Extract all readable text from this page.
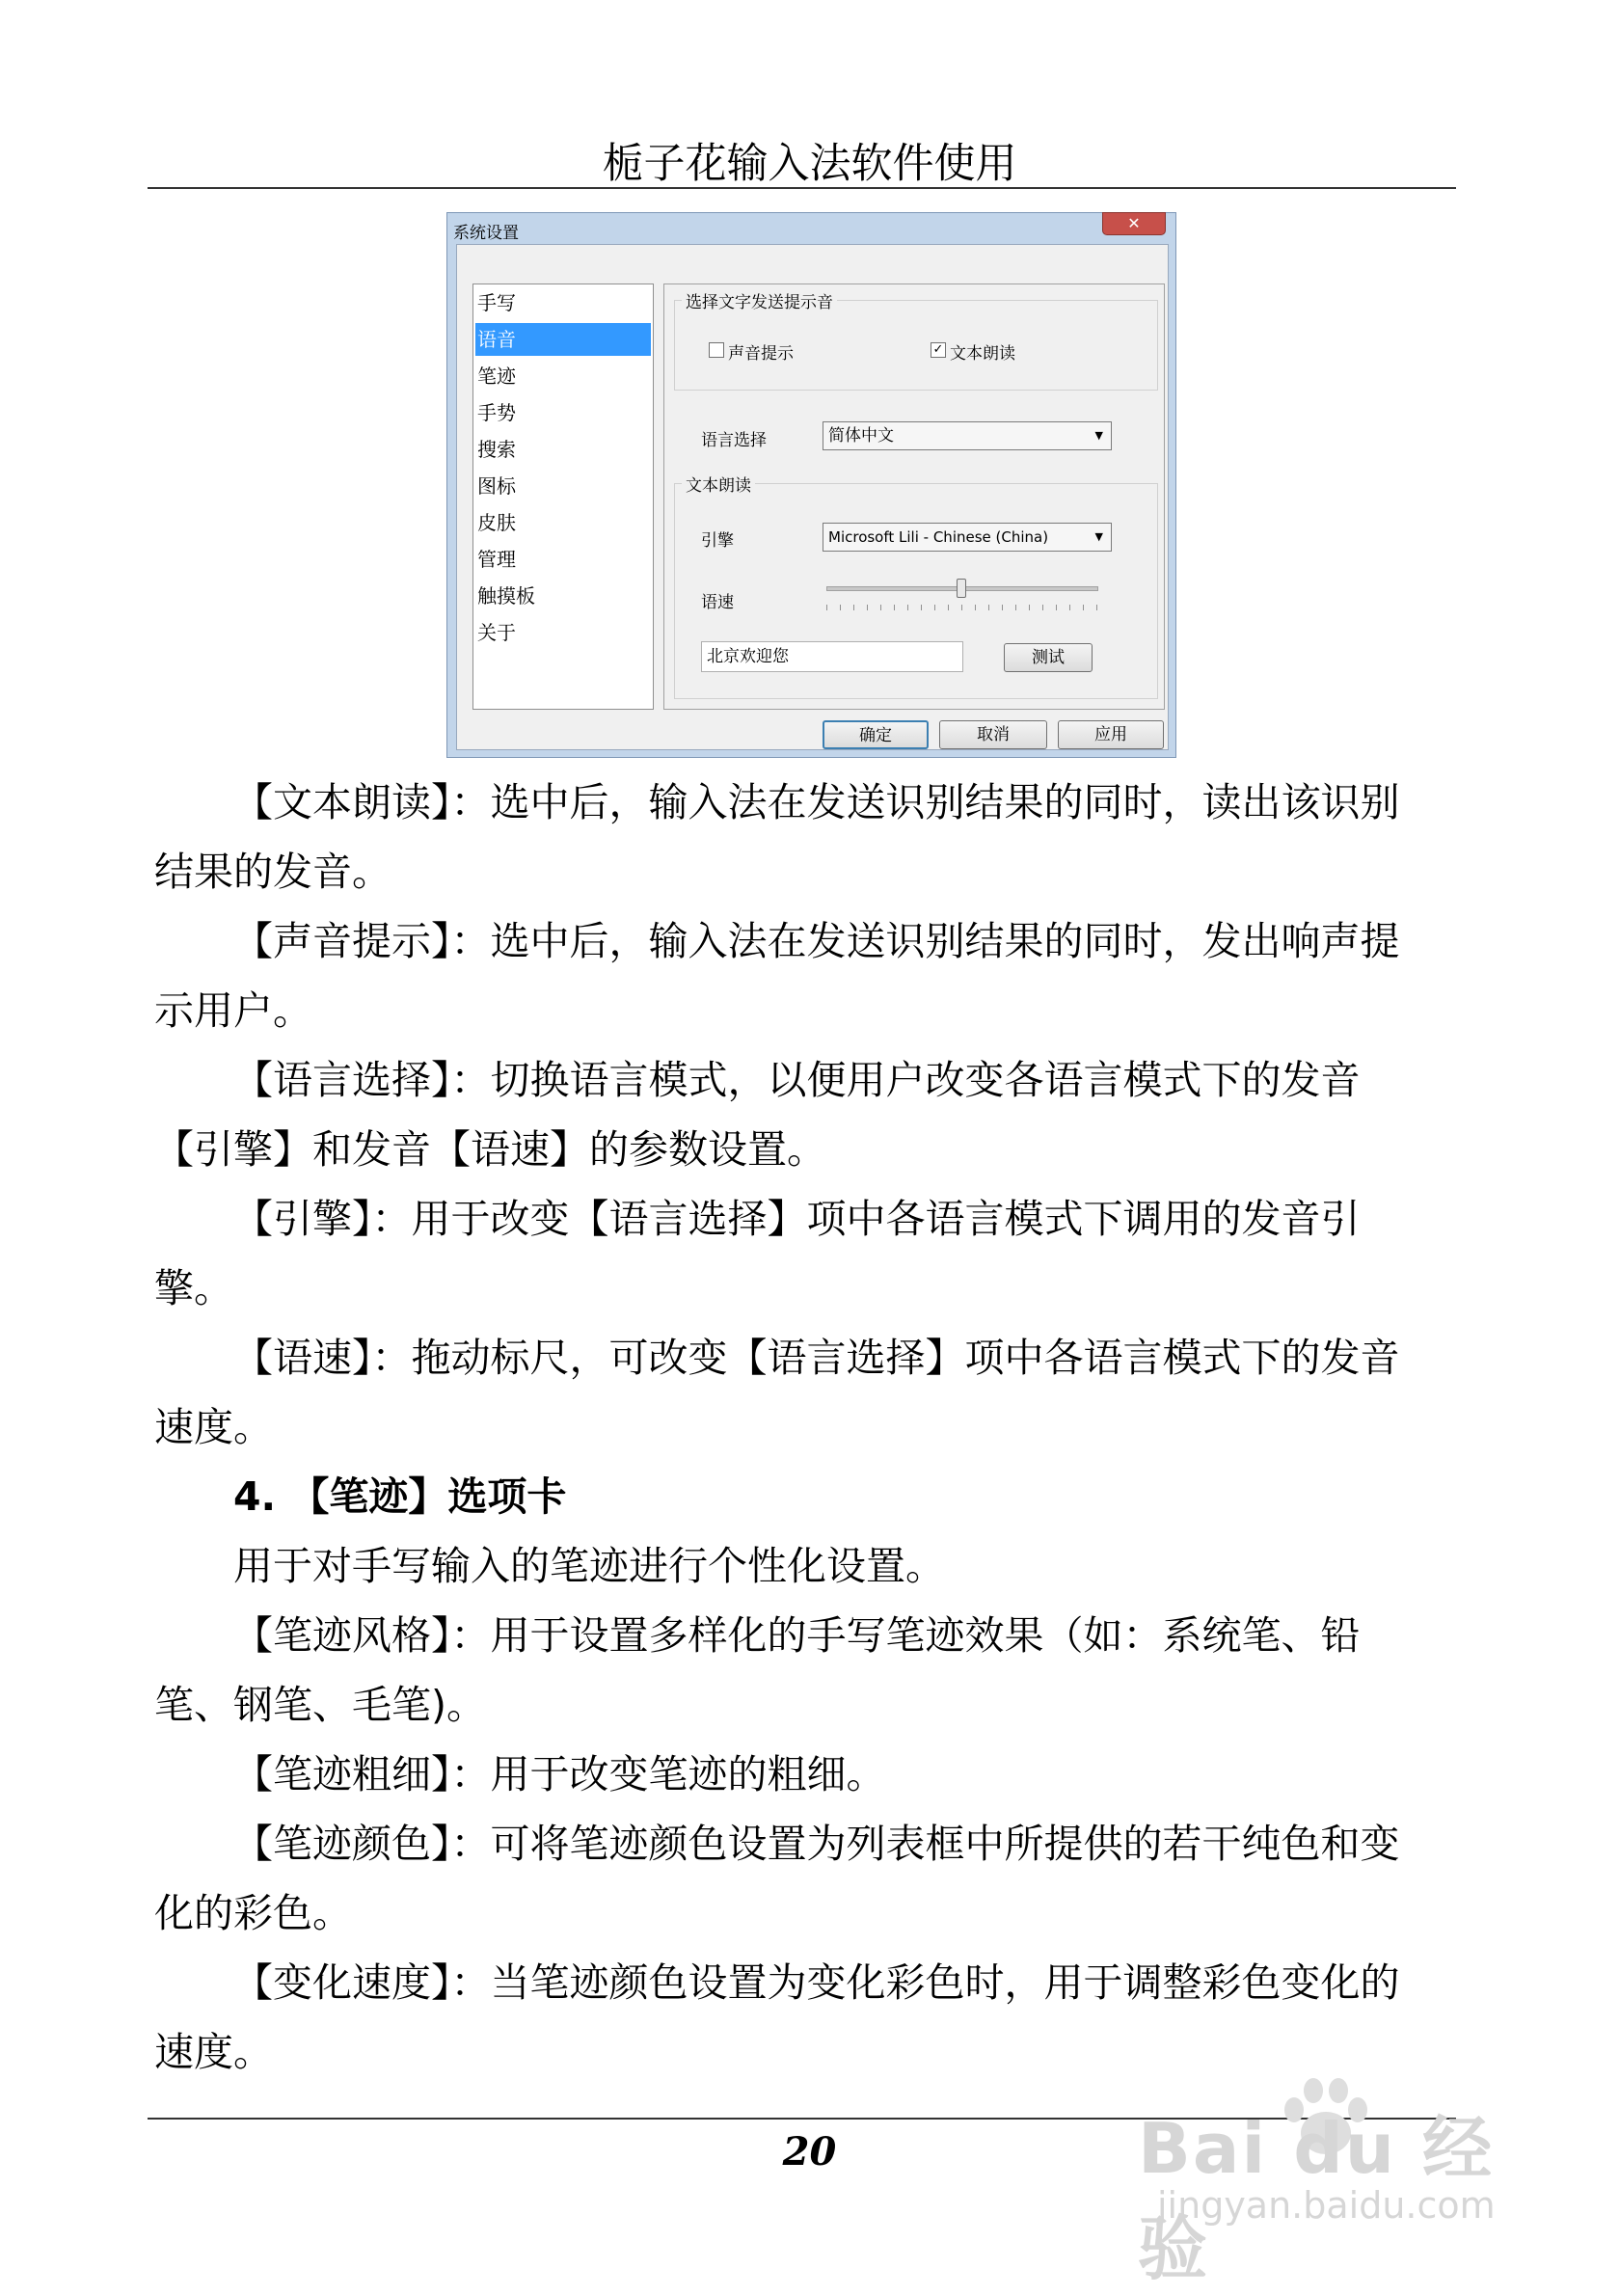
栀子花输入法软件使用
系统设置
✕
手写
语音
笔迹
手势
搜索
图标
皮肤
管理
触摸板
关于
选择文字发送提示音
声音提示	✓ 文本朗读
语言选择	简体中文	▼
文本朗读
引擎	Microsoft Lili - Chinese (China)	▼
语速
北京欢迎您	测试
确定	取消	应用
【文本朗读】：选中后，输入法在发送识别结果的同时，读出该识别
结果的发音。
【声音提示】：选中后，输入法在发送识别结果的同时，发出响声提
示用户。
【语言选择】：切换语言模式，以便用户改变各语言模式下的发音
【引擎】和发音【语速】的参数设置。
【引擎】：用于改变【语言选择】项中各语言模式下调用的发音引
擎。
【语速】：拖动标尺，可改变【语言选择】项中各语言模式下的发音
速度。
4. 【笔迹】选项卡
用于对手写输入的笔迹进行个性化设置。
【笔迹风格】：用于设置多样化的手写笔迹效果（如：系统笔、铅
笔、钢笔、毛笔)。
【笔迹粗细】：用于改变笔迹的粗细。
【笔迹颜色】：可将笔迹颜色设置为列表框中所提供的若干纯色和变
化的彩色。
【变化速度】：当笔迹颜色设置为变化彩色时，用于调整彩色变化的
速度。
20	Bai du 经验
jingyan.baidu.com
